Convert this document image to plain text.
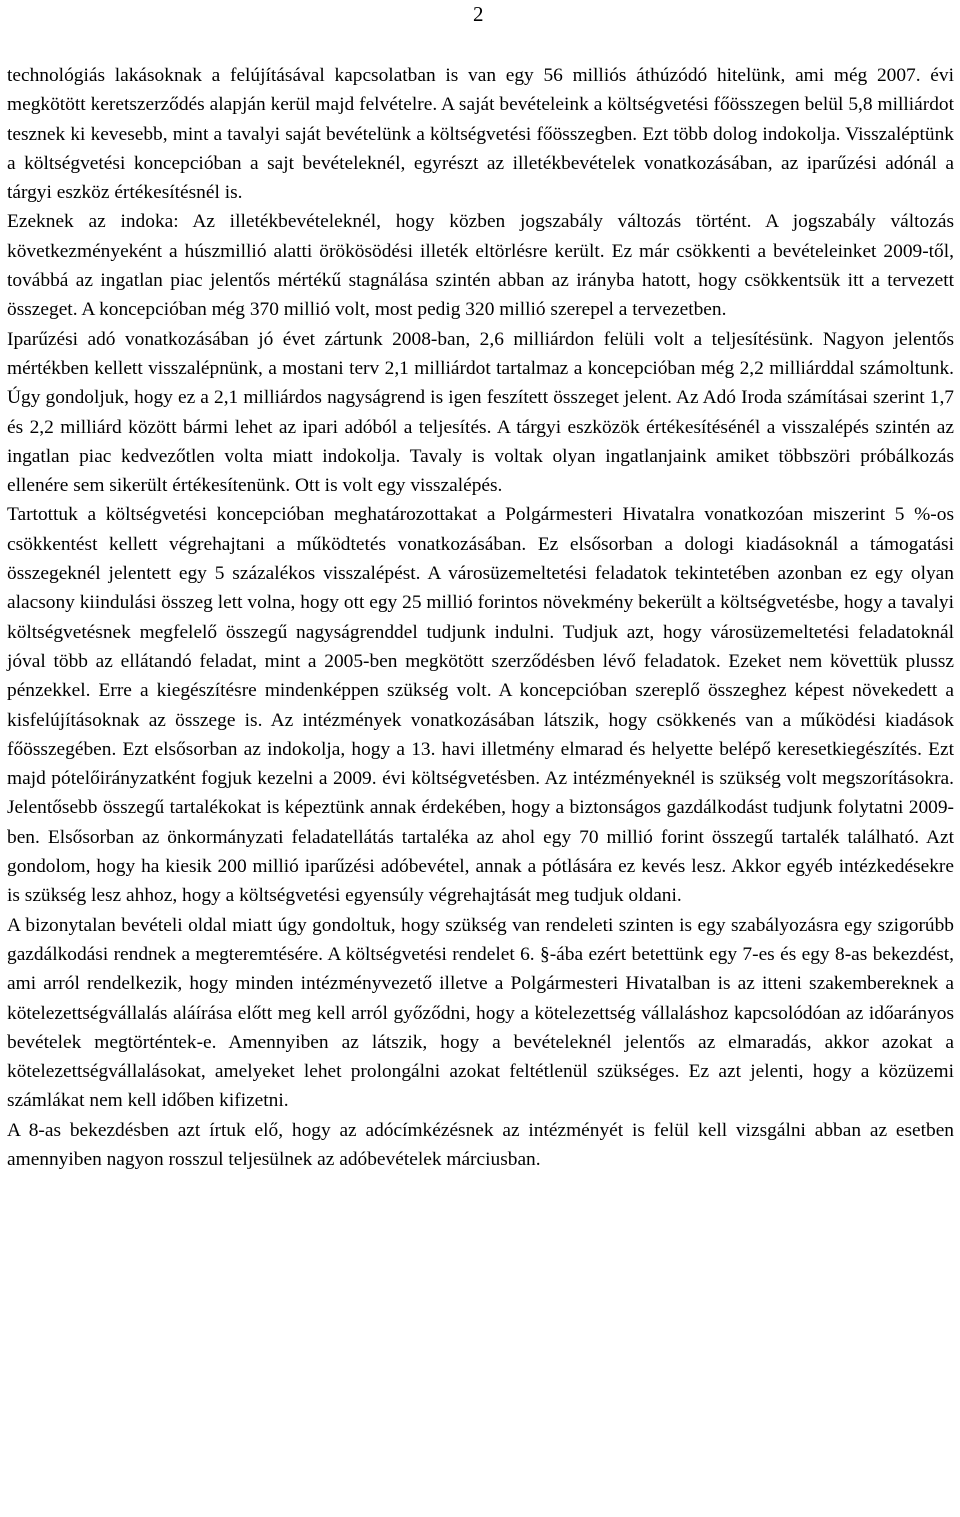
2

technológiás lakásoknak a felújításával kapcsolatban is van egy 56 milliós áthúzódó hitelünk, ami még 2007. évi megkötött keretszerződés alapján kerül majd felvételre. A saját bevételeink a költségvetési főösszegen belül 5,8 milliárdot tesznek ki kevesebb, mint a tavalyi saját bevételünk a költségvetési főösszegben. Ezt több dolog indokolja. Visszaléptünk a költségvetési koncepcióban a sajt bevételeknél, egyrészt az illetékbevételek vonatkozásában, az iparűzési adónál a tárgyi eszköz értékesítésnél is.

Ezeknek az indoka: Az illetékbevételeknél, hogy közben jogszabály változás történt. A jogszabály változás következményeként a húszmillió alatti örökösödési illeték eltörlésre került. Ez már csökkenti a bevételeinket 2009-től, továbbá az ingatlan piac jelentős mértékű stagnálása szintén abban az irányba hatott, hogy csökkentsük itt a tervezett összeget. A koncepcióban még 370 millió volt, most pedig 320 millió szerepel a tervezetben.

Iparűzési adó vonatkozásában jó évet zártunk 2008-ban, 2,6 milliárdon felüli volt a teljesítésünk. Nagyon jelentős mértékben kellett visszalépnünk, a mostani terv 2,1 milliárdot tartalmaz a koncepcióban még 2,2 milliárddal számoltunk. Úgy gondoljuk, hogy ez a 2,1 milliárdos nagyságrend is igen feszített összeget jelent. Az Adó Iroda számításai szerint 1,7 és 2,2 milliárd között bármi lehet az ipari adóból a teljesítés. A tárgyi eszközök értékesítésénél a visszalépés szintén az ingatlan piac kedvezőtlen volta miatt indokolja. Tavaly is voltak olyan ingatlanjaink amiket többszöri próbálkozás ellenére sem sikerült értékesítenünk. Ott is volt egy visszalépés.

Tartottuk a költségvetési koncepcióban meghatározottakat a Polgármesteri Hivatalra vonatkozóan miszerint 5 %-os csökkentést kellett végrehajtani a működtetés vonatkozásában. Ez elsősorban a dologi kiadásoknál a támogatási összegeknél jelentett egy 5 százalékos visszalépést. A városüzemeltetési feladatok tekintetében azonban ez egy olyan alacsony kiindulási összeg lett volna, hogy ott egy 25 millió forintos növekmény bekerült a költségvetésbe, hogy a tavalyi költségvetésnek megfelelő összegű nagyságrenddel tudjunk indulni. Tudjuk azt, hogy városüzemeltetési feladatoknál jóval több az ellátandó feladat, mint a 2005-ben megkötött szerződésben lévő feladatok. Ezeket nem követtük plussz pénzekkel. Erre a kiegészítésre mindenképpen szükség volt. A koncepcióban szereplő összeghez képest növekedett a kisfelújításoknak az összege is. Az intézmények vonatkozásában látszik, hogy csökkenés van a működési kiadások főösszegében. Ezt elsősorban az indokolja, hogy a 13. havi illetmény elmarad és helyette belépő keresetkiegészítés. Ezt majd pótelőirányzatként fogjuk kezelni a 2009. évi költségvetésben. Az intézményeknél is szükség volt megszorításokra. Jelentősebb összegű tartalékokat is képeztünk annak érdekében, hogy a biztonságos gazdálkodást tudjunk folytatni 2009-ben. Elsősorban az önkormányzati feladatellátás tartaléka az ahol egy 70 millió forint összegű tartalék található. Azt gondolom, hogy ha kiesik 200 millió iparűzési adóbevétel, annak a pótlására ez kevés lesz. Akkor egyéb intézkedésekre is szükség lesz ahhoz, hogy a költségvetési egyensúly végrehajtását meg tudjuk oldani.

A bizonytalan bevételi oldal miatt úgy gondoltuk, hogy szükség van rendeleti szinten is egy szabályozásra egy szigorúbb gazdálkodási rendnek a megteremtésére. A költségvetési rendelet 6. §-ába ezért betettünk egy 7-es és egy 8-as bekezdést, ami arról rendelkezik, hogy minden intézményvezető illetve a Polgármesteri Hivatalban is az itteni szakembereknek a kötelezettségvállalás aláírása előtt meg kell arról győződni, hogy a kötelezettség vállaláshoz kapcsolódóan az időarányos bevételek megtörténtek-e. Amennyiben az látszik, hogy a bevételeknél jelentős az elmaradás, akkor azokat a kötelezettségvállalásokat, amelyeket lehet prolongálni azokat feltétlenül szükséges. Ez azt jelenti, hogy a közüzemi számlákat nem kell időben kifizetni.

A 8-as bekezdésben azt írtuk elő, hogy az adócímkézésnek az intézményét is felül kell vizsgálni abban az esetben amennyiben nagyon rosszul teljesülnek az adóbevételek márciusban.
